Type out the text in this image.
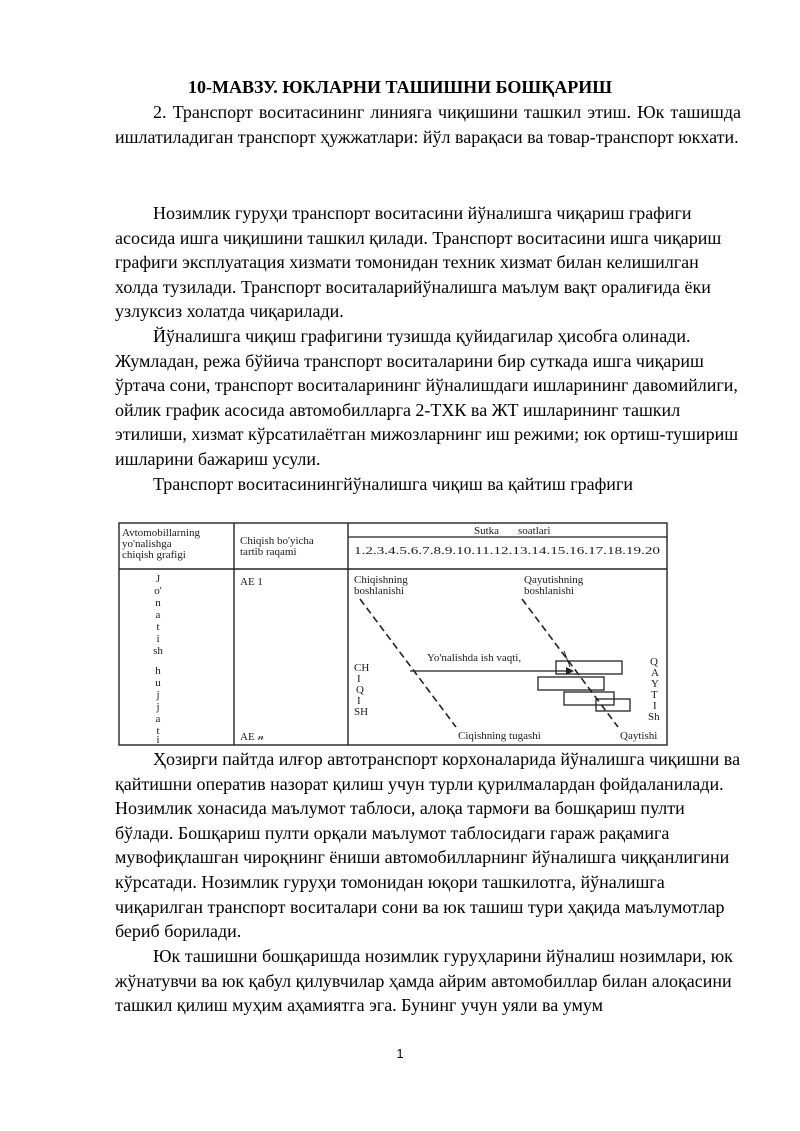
10-МАВЗУ. ЮКЛАРНИ ТАШИШНИ БОШҚАРИШ

2. Транспорт воситасининг линияга чиқишини ташкил этиш. Юк ташишда ишлатиладиган транспорт ҳужжатлари: йўл варақаси ва товар-транспорт юкхати.

Нозимлик гуруҳи транспорт воситасини йўналишга чиқариш графиги асосида ишга чиқишини ташкил қилади. Транспорт воситасини ишга чиқариш графиги эксплуатация хизмати томонидан техник хизмат билан келишилган холда тузилади. Транспорт воситаларийўналишга маълум вақт оралиғида ёки узлуксиз холатда чиқарилади.

Йўналишга чиқиш графигини тузишда қуйидагилар ҳисобга олинади. Жумладан, режа бўйича транспорт воситаларини бир суткада ишга чиқариш ўртача сони, транспорт воситаларининг йўналишдаги ишларининг давомийлиги, ойлик график асосида автомобилларга 2-ТХК ва ЖТ ишларининг ташкил этилиши, хизмат кўрсатилаётган мижозларнинг иш режими; юк ортиш-тушириш ишларини бажариш усули.

Транспорт воситасинингйўналишга чиқиш ва қайтиш графиги

Avtomobillarning
yo'nalishga
chiqish grafigi
Chiqish bo'yicha
tartib raqami
Sutka soatlari
1.2.3.4.5.6.7.8.9.10.11.12.13.14.15.16.17.18.19.20
J
o'
n
a
t
i
sh
h
u
j
j
a
t
i
AE 1
AE 𝓃
Chiqishning
boshlanishi
Qayutishning
boshlanishi
Yo'nalishda ish vaqti,
CH
I
Q
I
SH
Q
A
Y
T
I
Sh
Ciqishning tugashi	Qaytishi

Ҳозирги пайтда илғор автотранспорт корхоналарида йўналишга чиқишни ва қайтишни оператив назорат қилиш учун турли қурилмалардан фойдаланилади. Нозимлик хонасида маълумот таблоси, алоқа тармоғи ва бошқариш пулти бўлади. Бошқариш пулти орқали маълумот таблосидаги гараж рақамига мувофиқлашган чироқнинг ёниши автомобилларнинг йўналишга чиққанлигини кўрсатади. Нозимлик гуруҳи томонидан юқори ташкилотга, йўналишга чиқарилган транспорт воситалари сони ва юк ташиш тури ҳақида маълумотлар бериб борилади.

Юк ташишни бошқаришда нозимлик гуруҳларини йўналиш нозимлари, юк жўнатувчи ва юк қабул қилувчилар ҳамда айрим автомобиллар билан алоқасини ташкил қилиш муҳим аҳамиятга эга. Бунинг учун уяли ва умум

1
